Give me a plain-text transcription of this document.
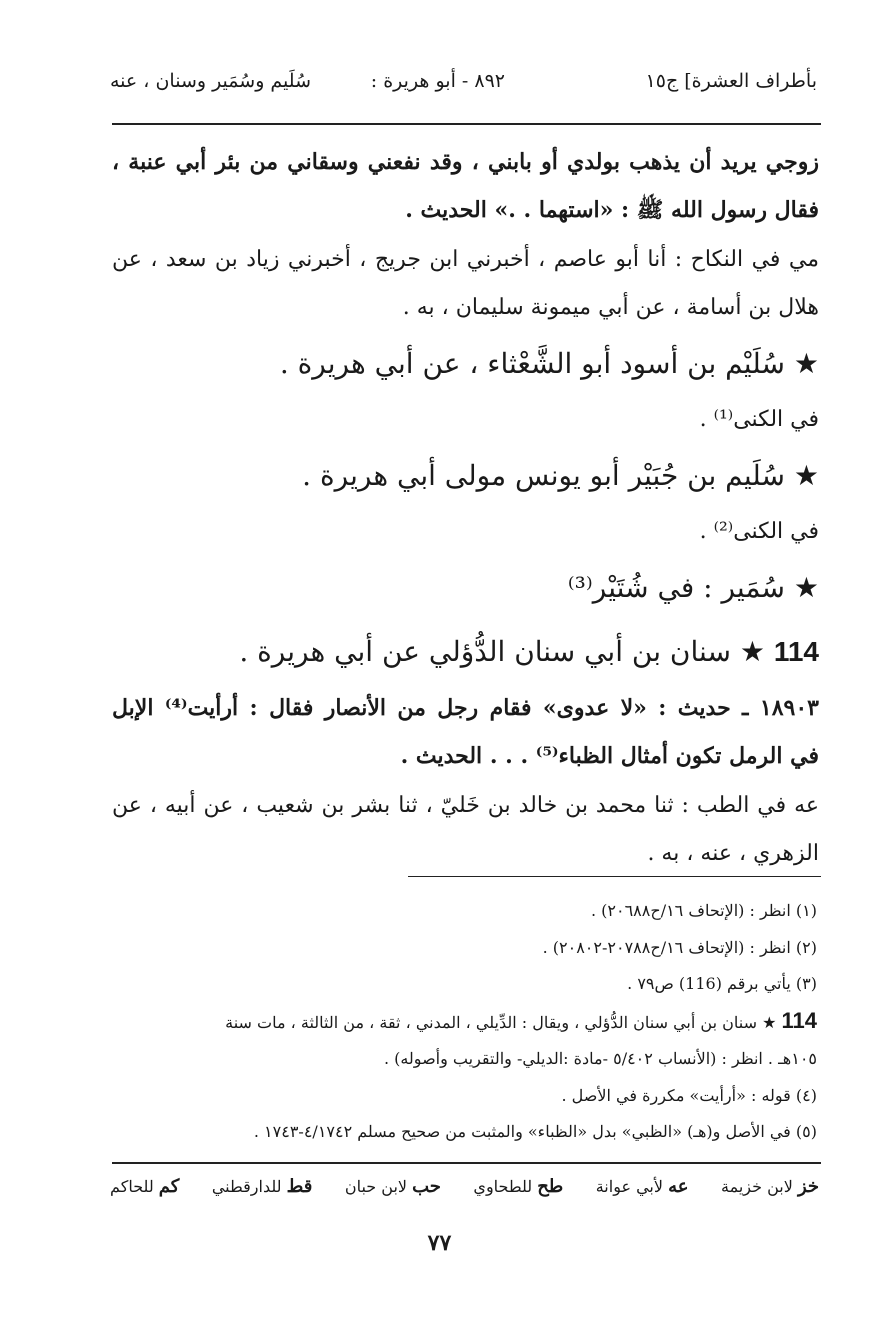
بأطراف العشرة] ج١٥
٨٩٢ - أبو هريرة :
سُلَيم وسُمَير وسنان ، عنه
زوجي يريد أن يذهب بولدي أو بابني ، وقد نفعني وسقاني من بئر أبي عنبة ،
فقال رسول الله ﷺ : «استهما . .» الحديث .
مي في النكاح : أنا أبو عاصم ، أخبرني ابن جريج ، أخبرني زياد بن سعد ، عن
هلال بن أسامة ، عن أبي ميمونة سليمان ، به .
★ سُلَيْم بن أسود أبو الشَّعْثاء ، عن أبي هريرة .
في الكنى⁽¹⁾ .
★ سُلَيم بن جُبَيْر أبو يونس مولى أبي هريرة .
في الكنى⁽²⁾ .
★ سُمَير : في شُتَيْر⁽³⁾
114 ★ سنان بن أبي سنان الدُّؤلي عن أبي هريرة .
١٨٩٠٣ ـ حديث : «لا عدوى» فقام رجل من الأنصار فقال : أرأيت⁽⁴⁾ الإبل
في الرمل تكون أمثال الظباء⁽⁵⁾ . . . الحديث .
عه في الطب : ثنا محمد بن خالد بن خَليّ ، ثنا بشر بن شعيب ، عن أبيه ، عن
الزهري ، عنه ، به .
(١) انظر : (الإتحاف ١٦/ح٢٠٦٨٨) .
(٢) انظر : (الإتحاف ١٦/ح٢٠٧٨٨-٢٠٨٠٢) .
(٣) يأتي برقم (116) ص٧٩ .
114 ★ سنان بن أبي سنان الدُّؤلي ، ويقال : الدِّيلي ، المدني ، ثقة ، من الثالثة ، مات سنة
١٠٥هـ . انظر : (الأنساب ٥/٤٠٢ -مادة :الديلي- والتقريب وأصوله) .
(٤) قوله : «أرأيت» مكررة في الأصل .
(٥) في الأصل و(هـ) «الظبي» بدل «الظباء» والمثبت من صحيح مسلم ٤/١٧٤٢-١٧٤٣ .
خز لابن خزيمة
عه لأبي عوانة
طح للطحاوي
حب لابن حبان
قط للدارقطني
كم للحاكم
٧٧
